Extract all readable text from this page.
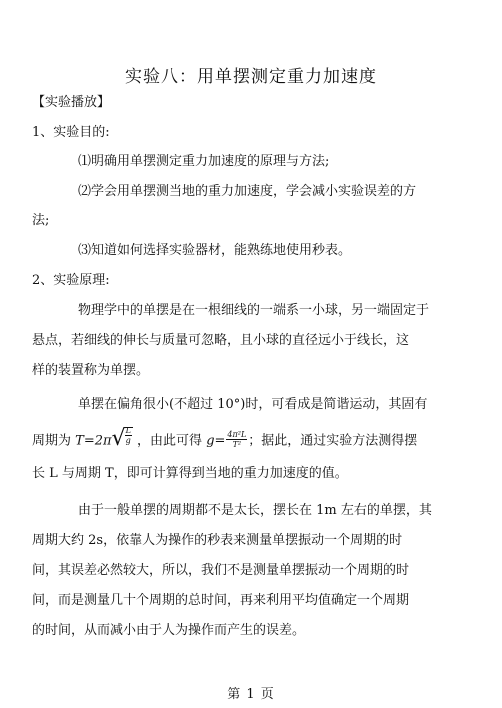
实验八：用单摆测定重力加速度
【实验播放】
1、实验目的:
⑴明确用单摆测定重力加速度的原理与方法;
⑵学会用单摆测当地的重力加速度，学会减小实验误差的方
法;
⑶知道如何选择实验器材，能熟练地使用秒表。
2、实验原理:
物理学中的单摆是在一根细线的一端系一小球，另一端固定于
悬点，若细线的伸长与质量可忽略，且小球的直径远小于线长，这
样的装置称为单摆。
单摆在偏角很小(不超过 10°)时，可看成是简谐运动，其固有
周期为 $T=2\pi√ \frac{L}{g}$ ，由此可得 $g= \frac{\text{4π²L}}{\text{T²}}$ ；据此，通过实验方法测得摆
长 L 与周期 T，即可计算得到当地的重力加速度的值。
由于一般单摆的周期都不是太长，摆长在 1m 左右的单摆，其
周期大约 2s，依靠人为操作的秒表来测量单摆振动一个周期的时
间，其误差必然较大，所以，我们不是测量单摆振动一个周期的时
间，而是测量几十个周期的总时间，再来利用平均值确定一个周期
的时间，从而减小由于人为操作而产生的误差。
第 1 页
